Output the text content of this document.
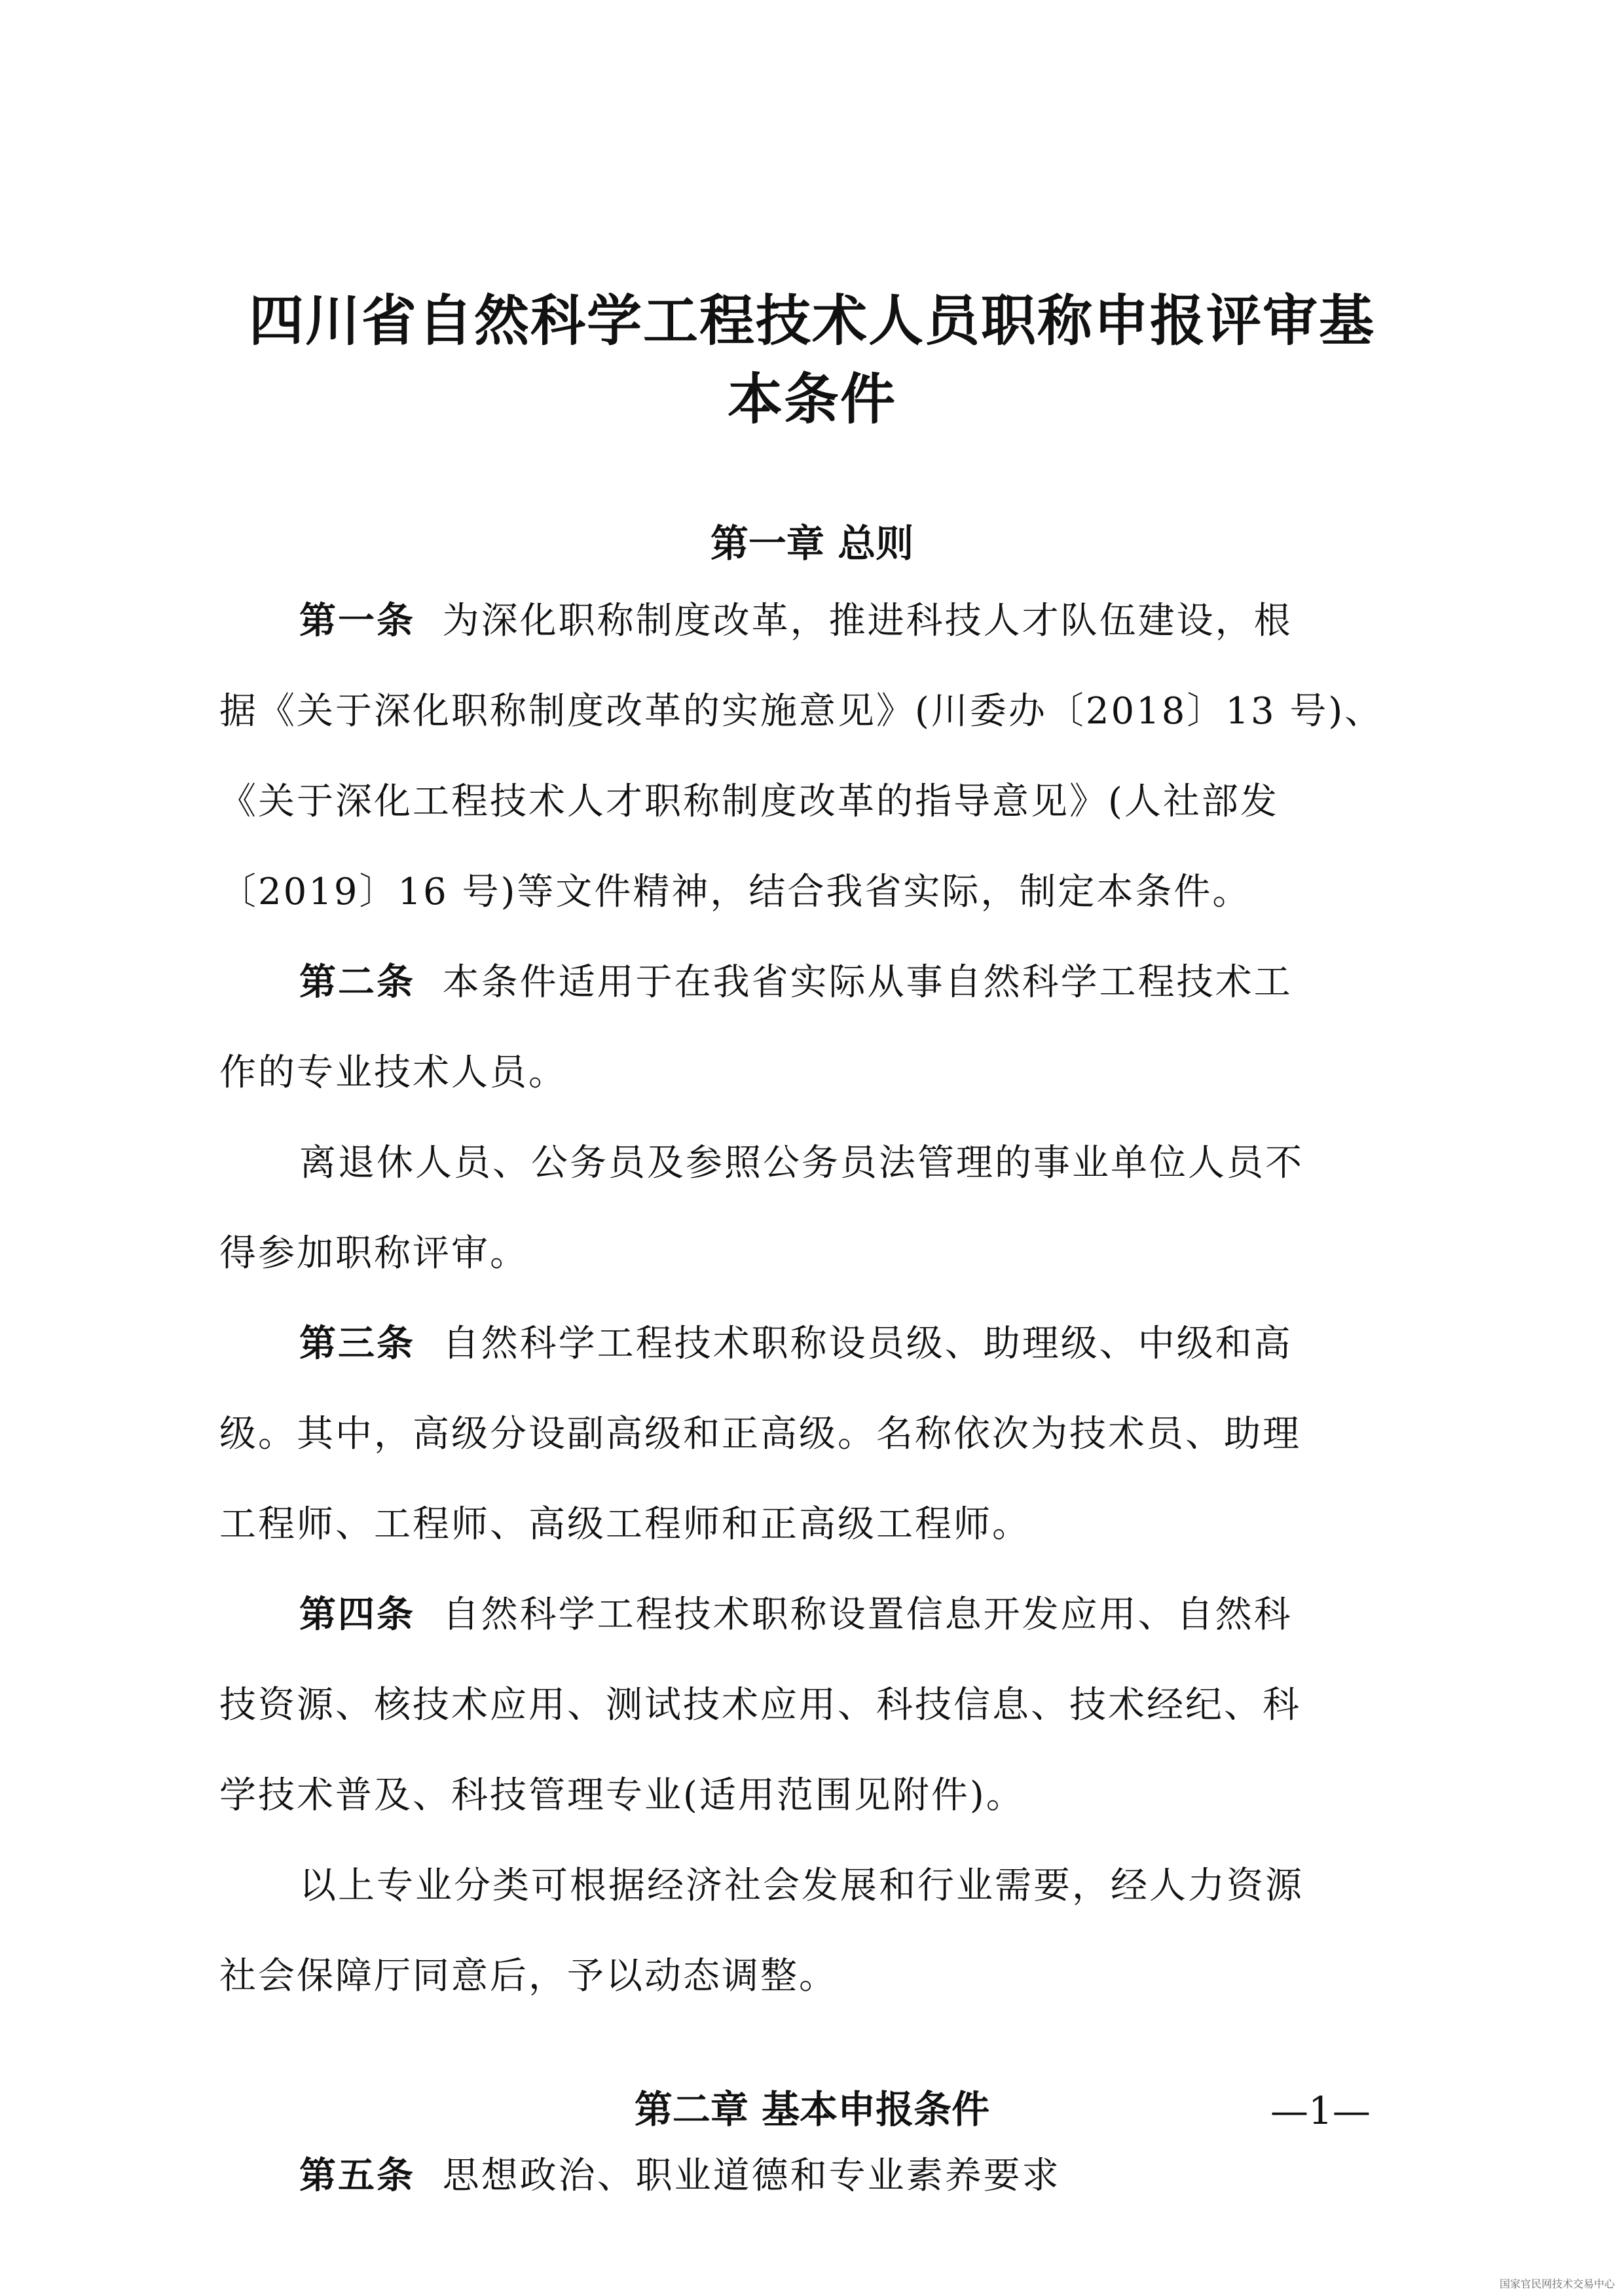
四川省自然科学工程技术人员职称申报评审基
本条件
第一章 总则
第一条 为深化职称制度改革，推进科技人才队伍建设，根
据《关于深化职称制度改革的实施意见》(川委办〔2018〕13 号)、
《关于深化工程技术人才职称制度改革的指导意见》(人社部发
〔2019〕16 号)等文件精神，结合我省实际，制定本条件。
第二条 本条件适用于在我省实际从事自然科学工程技术工
作的专业技术人员。
离退休人员、公务员及参照公务员法管理的事业单位人员不
得参加职称评审。
第三条 自然科学工程技术职称设员级、助理级、中级和高
级。其中，高级分设副高级和正高级。名称依次为技术员、助理
工程师、工程师、高级工程师和正高级工程师。
第四条 自然科学工程技术职称设置信息开发应用、自然科
技资源、核技术应用、测试技术应用、科技信息、技术经纪、科
学技术普及、科技管理专业(适用范围见附件)。
以上专业分类可根据经济社会发展和行业需要，经人力资源
社会保障厅同意后，予以动态调整。
第二章 基本申报条件
第五条 思想政治、职业道德和专业素养要求
—1—
国家官民网技术交易中心
